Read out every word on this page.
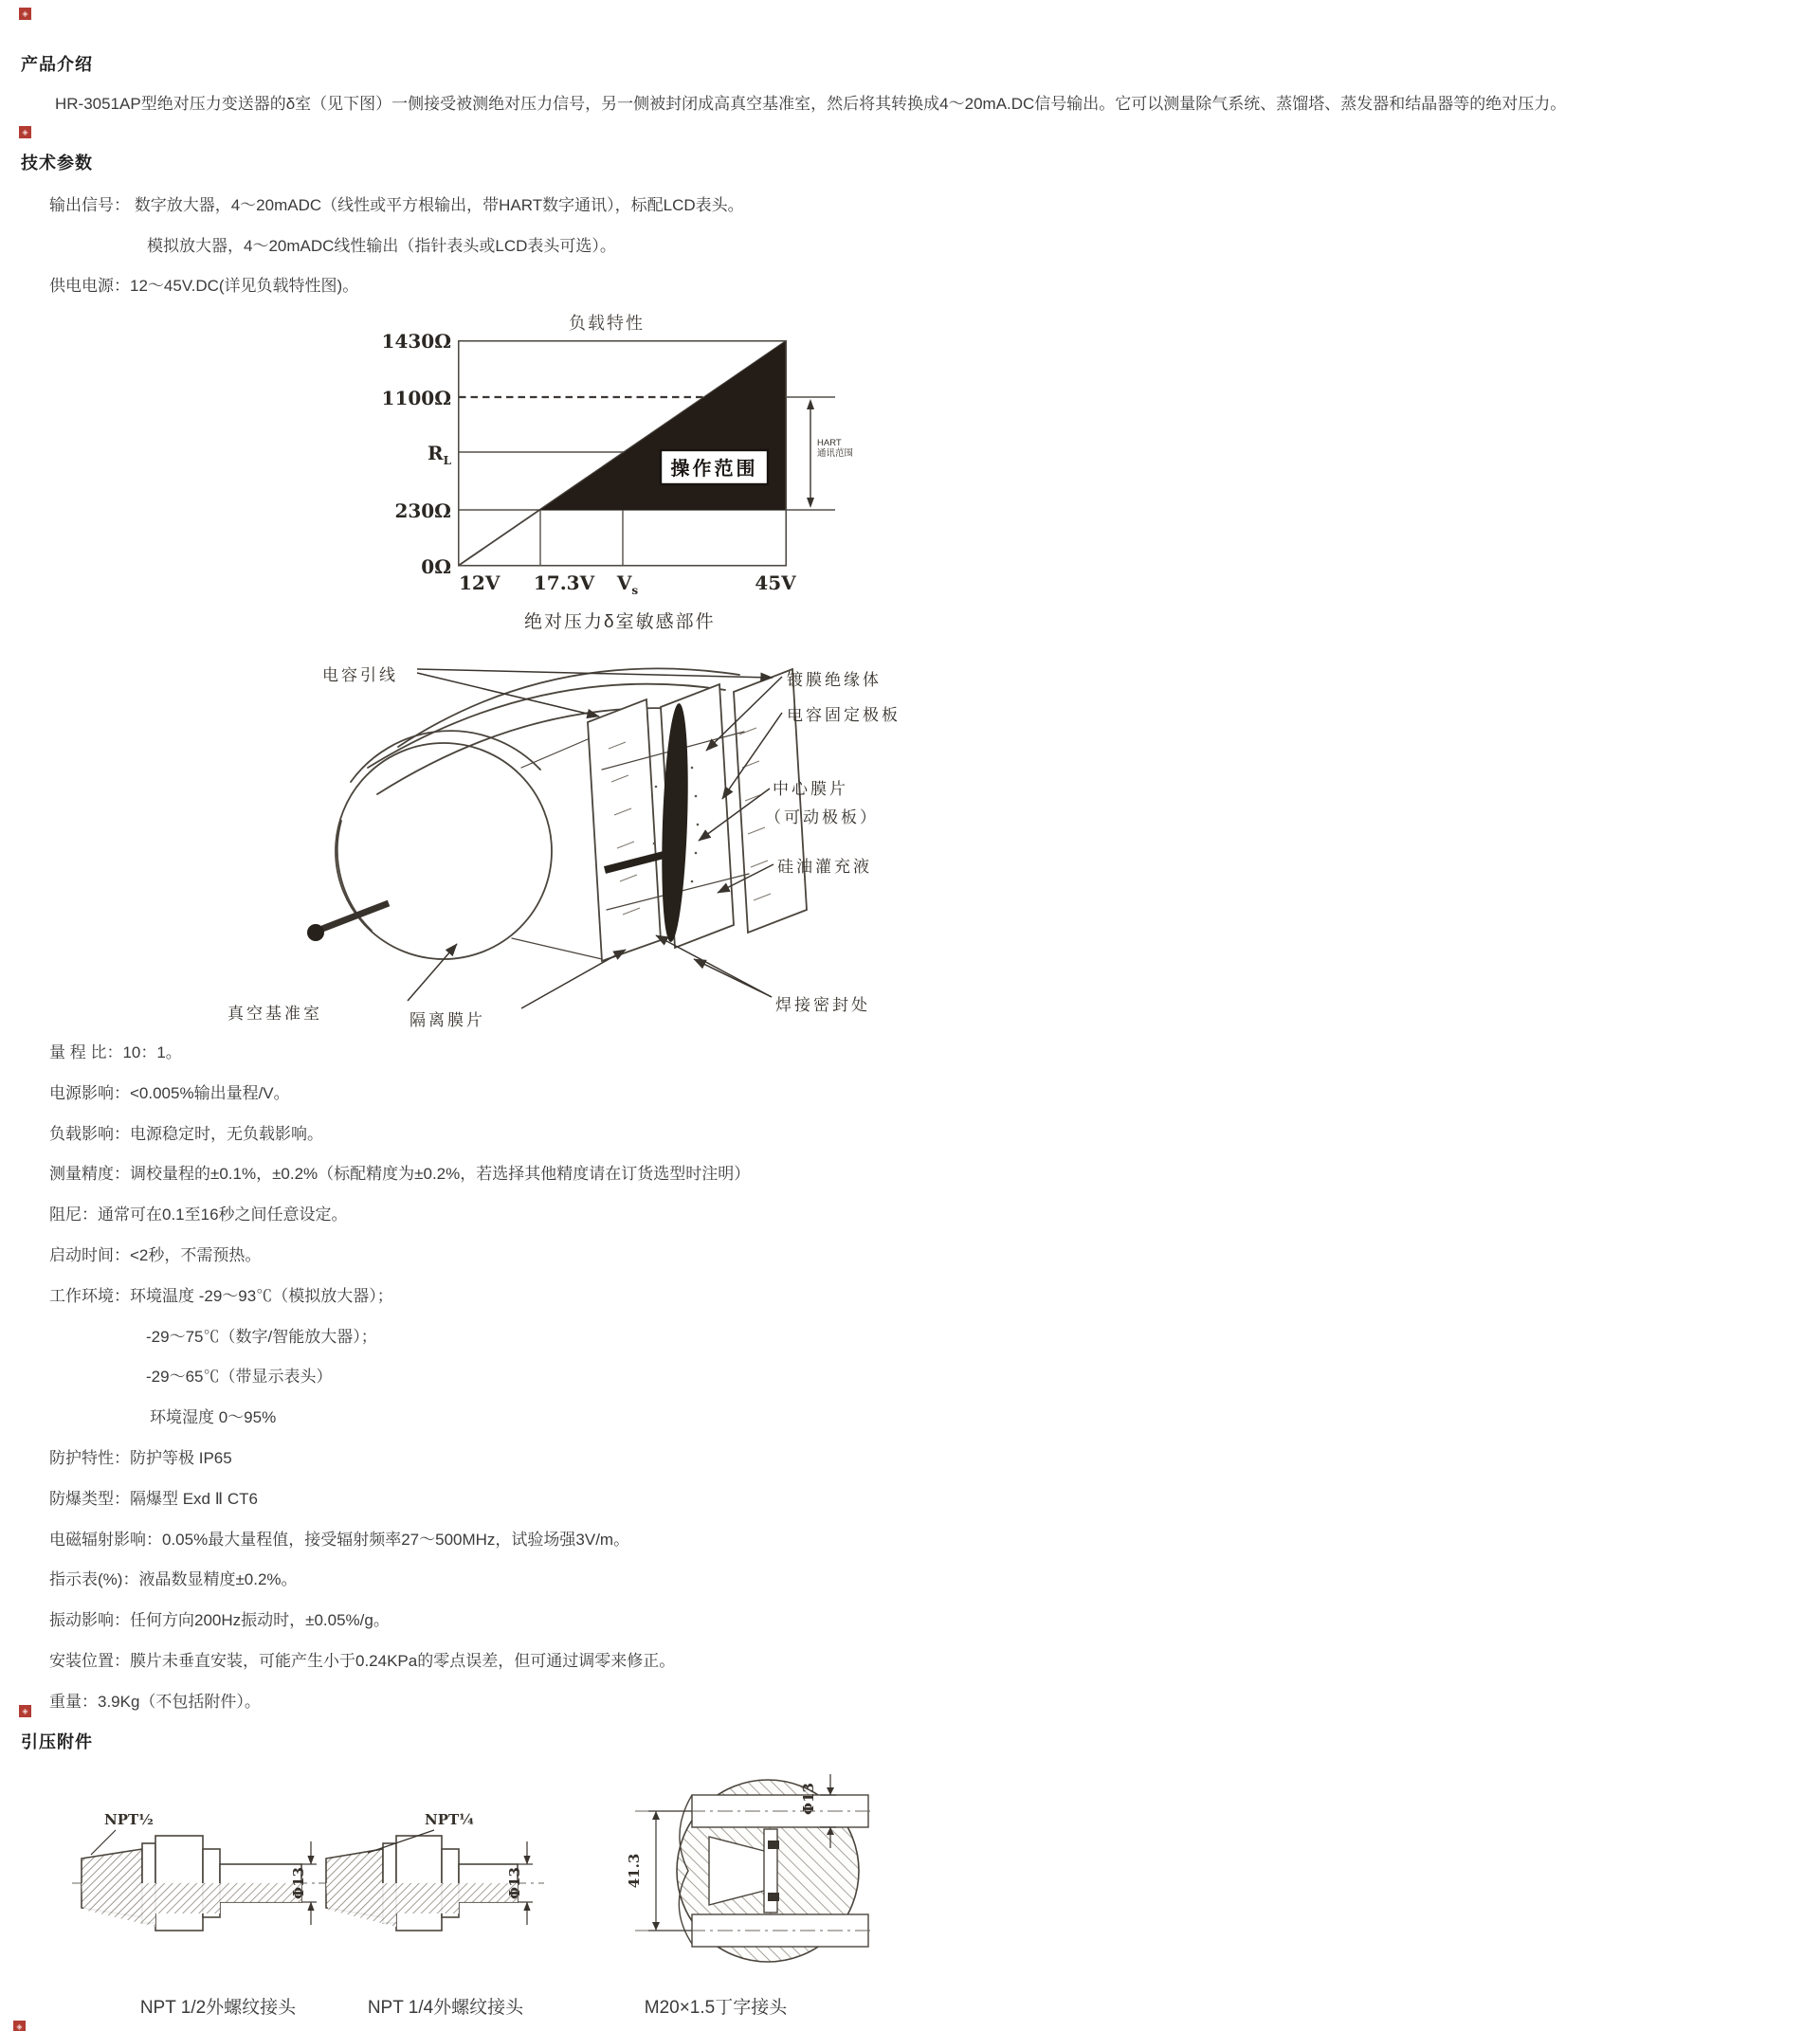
◈
◈
◈
◈
产品介绍
HR-3051AP型绝对压力变送器的δ室（见下图）一侧接受被测绝对压力信号，另一侧被封闭成高真空基准室，然后将其转换成4～20mA.DC信号输出。它可以测量除气系统、蒸馏塔、蒸发器和结晶器等的绝对压力。
技术参数
输出信号： 数字放大器，4～20mADC（线性或平方根输出，带HART数字通讯），标配LCD表头。
模拟放大器，4～20mADC线性输出（指针表头或LCD表头可选）。
供电电源：12～45V.DC(详见负载特性图)。
负载特性
1430Ω
1100Ω
$R_L$
230Ω
0Ω
12V	17.3V	$V_s$	45V
操作范围
HART
通讯范围
绝对压力δ室敏感部件
电容引线	镀膜绝缘体
电容固定极板
中心膜片
（可动极板）
硅油灌充液
焊接密封处
真空基准室	隔离膜片
量 程 比：10：1。
电源影响：<0.005%输出量程/V。
负载影响：电源稳定时，无负载影响。
测量精度：调校量程的±0.1%，±0.2%（标配精度为±0.2%，若选择其他精度请在订货选型时注明）
阻尼：通常可在0.1至16秒之间任意设定。
启动时间：<2秒，不需预热。
工作环境：环境温度 -29～93℃（模拟放大器）；
-29～75℃（数字/智能放大器）；
-29～65℃（带显示表头）
环境湿度 0～95%
防护特性：防护等极 IP65
防爆类型：隔爆型 Exd Ⅱ CT6
电磁辐射影响：0.05%最大量程值，接受辐射频率27～500MHz，试验场强3V/m。
指示表(%)：液晶数显精度±0.2%。
振动影响：任何方向200Hz振动时，±0.05%/g。
安装位置：膜片未垂直安装，可能产生小于0.24KPa的零点误差，但可通过调零来修正。
重量：3.9Kg（不包括附件）。
引压附件
Φ13
NPT½
Φ13
NPT¼
41.3
Φ13
NPT 1/2外螺纹接头	NPT 1/4外螺纹接头	M20×1.5丁字接头
